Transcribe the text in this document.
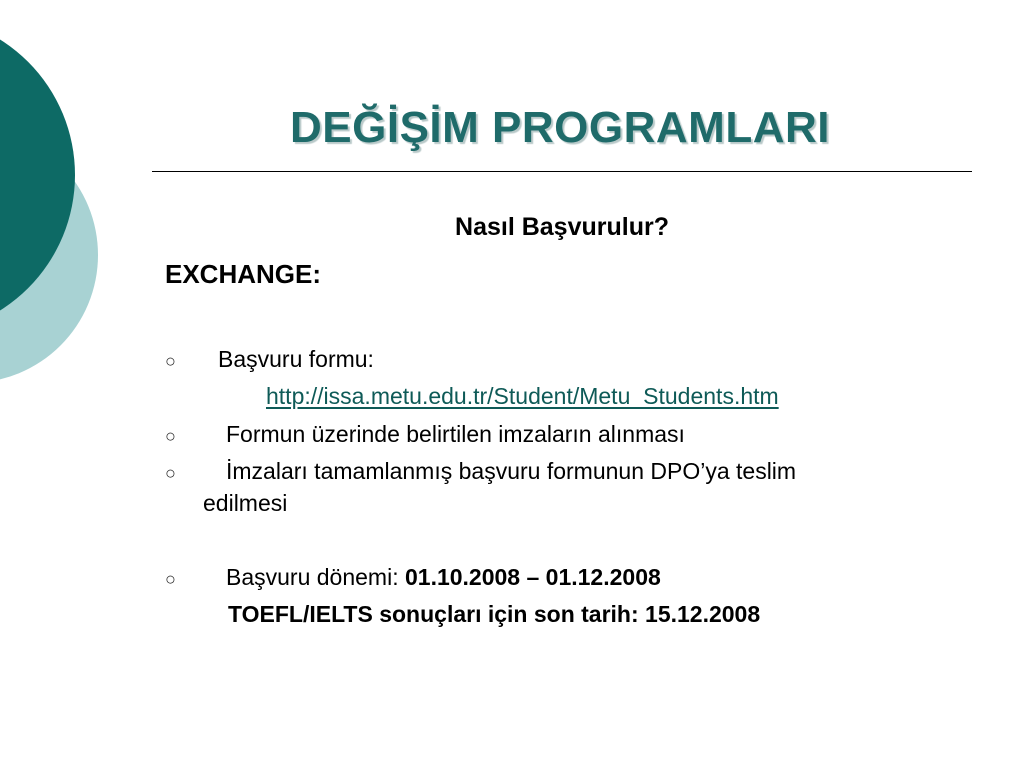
DEĞİŞİM PROGRAMLARI
Nasıl Başvurulur?
EXCHANGE:
○ Başvuru formu:
http://issa.metu.edu.tr/Student/Metu_Students.htm
○ Formun üzerinde belirtilen imzaların alınması
○ İmzaları tamamlanmış başvuru formunun DPO’ya teslim
edilmesi
○ Başvuru dönemi: 01.10.2008 – 01.12.2008
TOEFL/IELTS sonuçları için son tarih: 15.12.2008
